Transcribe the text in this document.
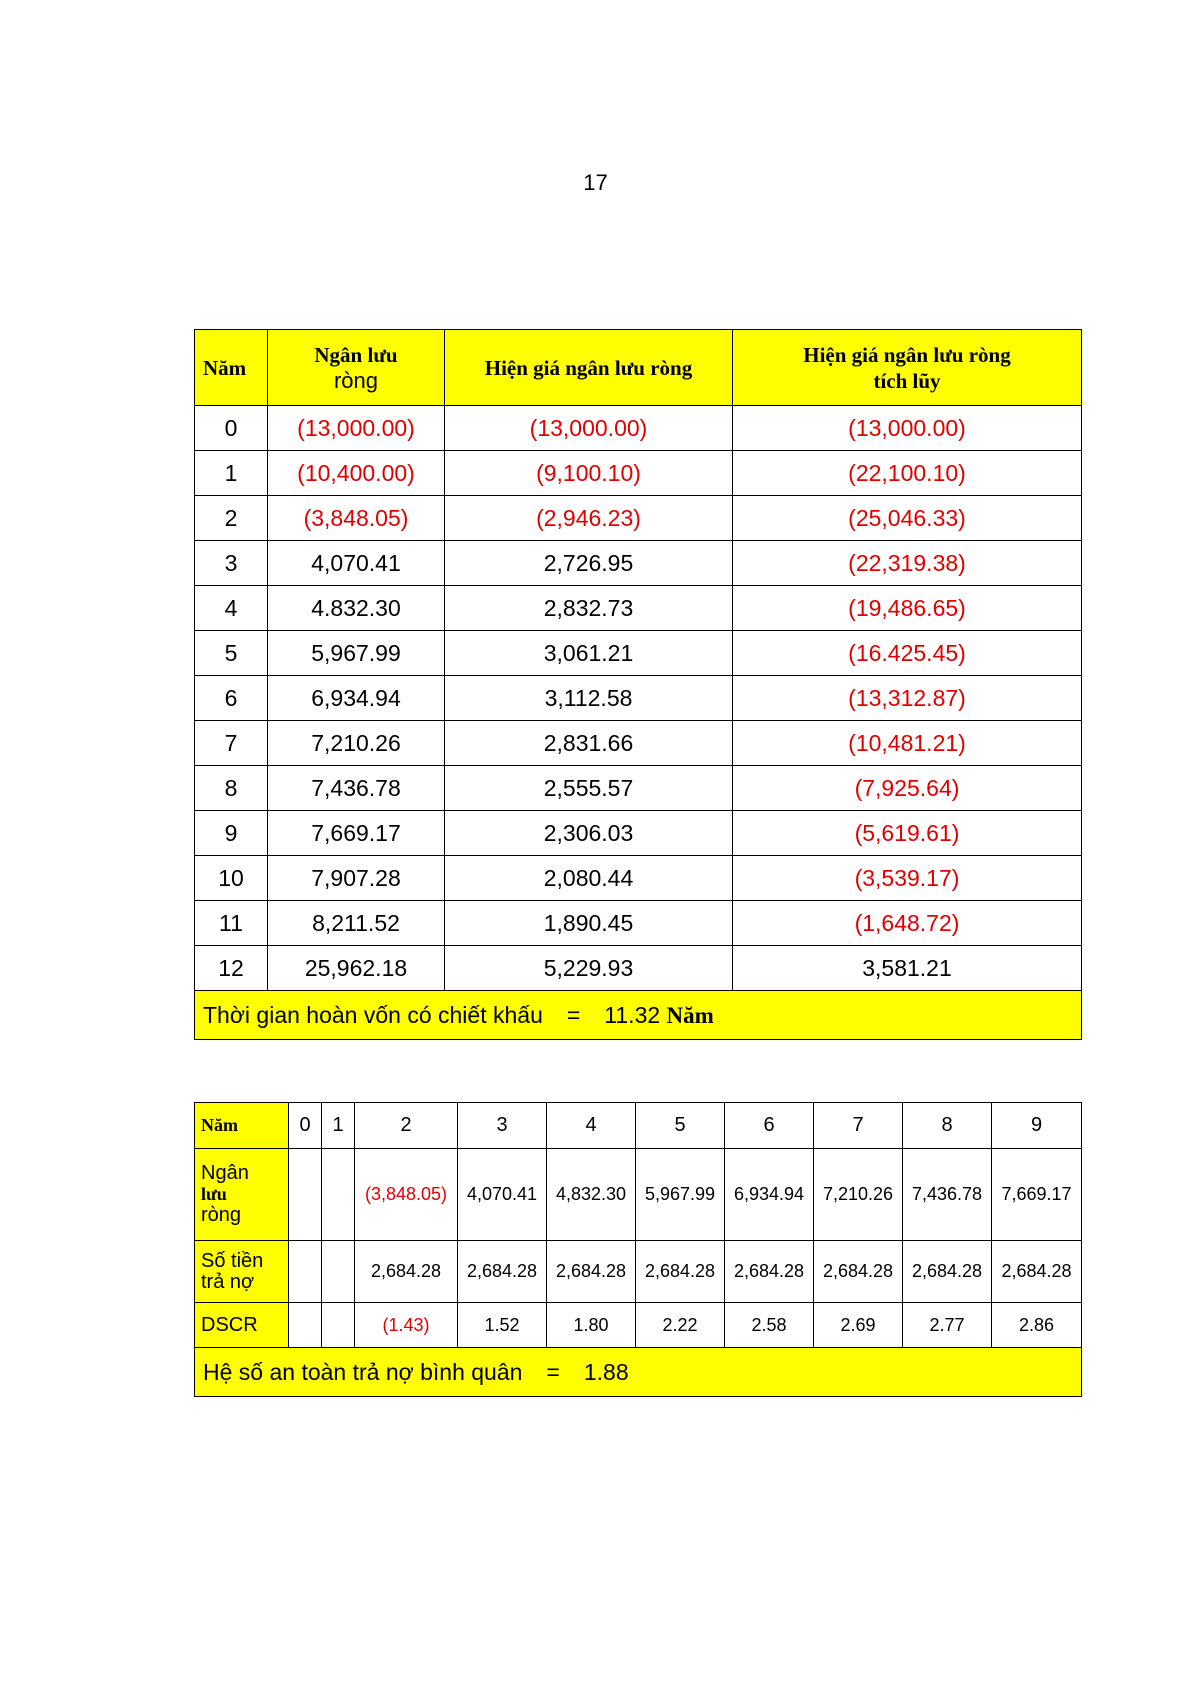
17
Năm	Ngân lưu
ròng	Hiện giá ngân lưu ròng	Hiện giá ngân lưu ròng
tích lũy
0	(13,000.00)	(13,000.00)	(13,000.00)
1	(10,400.00)	(9,100.10)	(22,100.10)
2	(3,848.05)	(2,946.23)	(25,046.33)
3	4,070.41	2,726.95	(22,319.38)
4	4.832.30	2,832.73	(19,486.65)
5	5,967.99	3,061.21	(16.425.45)
6	6,934.94	3,112.58	(13,312.87)
7	7,210.26	2,831.66	(10,481.21)
8	7,436.78	2,555.57	(7,925.64)
9	7,669.17	2,306.03	(5,619.61)
10	7,907.28	2,080.44	(3,539.17)
11	8,211.52	1,890.45	(1,648.72)
12	25,962.18	5,229.93	3,581.21
Thời gian hoàn vốn có chiết khấu = 11.32 Năm			
Năm	0	1	2	3	4	5	6	7	8	9
Ngân
lưu
ròng			(3,848.05)	4,070.41	4,832.30	5,967.99	6,934.94	7,210.26	7,436.78	7,669.17
Số tiền
trả nợ			2,684.28	2,684.28	2,684.28	2,684.28	2,684.28	2,684.28	2,684.28	2,684.28
DSCR			(1.43)	1.52	1.80	2.22	2.58	2.69	2.77	2.86
Hệ số an toàn trả nợ bình quân = 1.88										
